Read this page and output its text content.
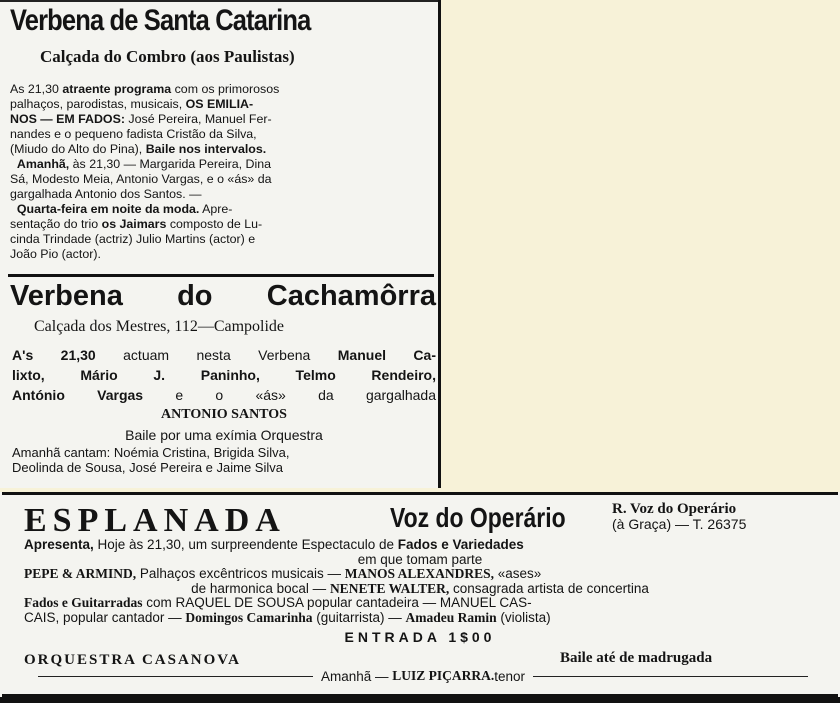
Verbena de Santa Catarina
Calçada do Combro (aos Paulistas)

As 21,30 atraente programa com os primorosos

palhaços, parodistas, musicais, OS EMILIA-

NOS — EM FADOS: José Pereira, Manuel Fer-

nandes e o pequeno fadista Cristão da Silva,

(Miudo do Alto do Pina), Baile nos intervalos.

Amanhã, às 21,30 — Margarida Pereira, Dina

Sá, Modesto Meia, Antonio Vargas, e o «ás» da

gargalhada Antonio dos Santos. —

Quarta-feira em noite da moda. Apre-

sentação do trio os Jaimars composto de Lu-

cinda Trindade (actriz) Julio Martins (actor) e

João Pio (actor).

Verbena do Cachamôrra
Calçada dos Mestres, 112—Campolide
A's 21,30 actuam nesta Verbena Manuel Ca-
lixto, Mário J. Paninho, Telmo Rendeiro,
António Vargas e o «ás» da gargalhada
ANTONIO SANTOS
Baile por uma exímia Orquestra
Amanhã cantam: Noémia Cristina, Brigida Silva,
Deolinda de Sousa, José Pereira e Jaime Silva
ESPLANADA	Voz do Operário	R. Voz do Operário
(à Graça) — T. 26375
Apresenta, Hoje às 21,30, um surpreendente Espectaculo de Fados e Variedades
em que tomam parte
PEPE & ARMIND, Palhaços excêntricos musicais — MANOS ALEXANDRES, «ases»
de harmonica bocal — NENETE WALTER, consagrada artista de concertina
Fados e Guitarradas com RAQUEL DE SOUSA popular cantadeira — MANUEL CAS-
CAIS, popular cantador — Domingos Camarinha (guitarrista) — Amadeu Ramin (violista)
ENTRADA 1$00
ORQUESTRA CASANOVA	Baile até de madrugada
Amanhã —
LUIZ PIÇARRA. tenor
